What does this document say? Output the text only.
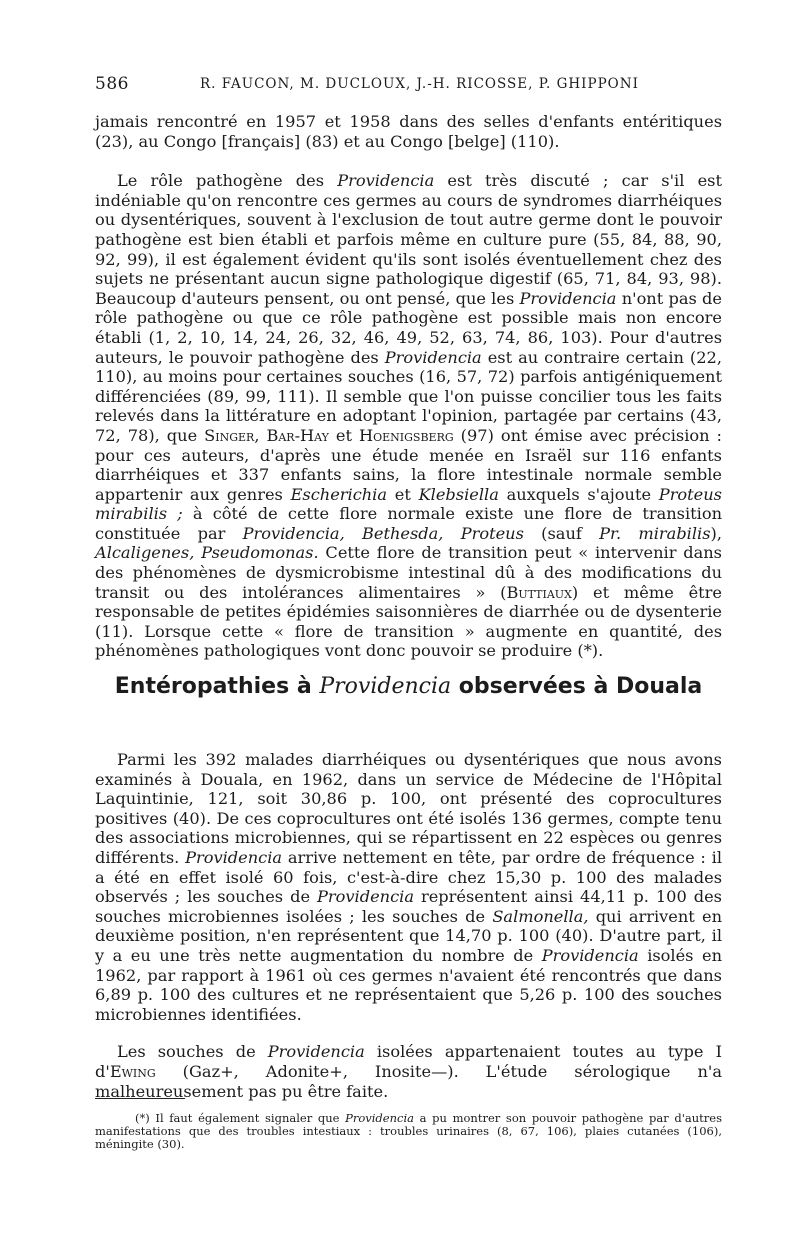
586	R. FAUCON, M. DUCLOUX, J.-H. RICOSSE, P. GHIPPONI

jamais rencontré en 1957 et 1958 dans des selles d'enfants entéritiques (23), au Congo [français] (83) et au Congo [belge] (110).

Le rôle pathogène des Providencia est très discuté ; car s'il est indéniable qu'on rencontre ces germes au cours de syndromes diarrhéiques ou dysentériques, souvent à l'exclusion de tout autre germe dont le pouvoir pathogène est bien établi et parfois même en culture pure (55, 84, 88, 90, 92, 99), il est également évident qu'ils sont isolés éventuellement chez des sujets ne présentant aucun signe pathologique digestif (65, 71, 84, 93, 98). Beaucoup d'auteurs pensent, ou ont pensé, que les Providencia n'ont pas de rôle pathogène ou que ce rôle pathogène est possible mais non encore établi (1, 2, 10, 14, 24, 26, 32, 46, 49, 52, 63, 74, 86, 103). Pour d'autres auteurs, le pouvoir pathogène des Providencia est au contraire certain (22, 110), au moins pour certaines souches (16, 57, 72) parfois antigéniquement différenciées (89, 99, 111). Il semble que l'on puisse concilier tous les faits relevés dans la littérature en adoptant l'opinion, partagée par certains (43, 72, 78), que Singer, Bar-Hay et Hoenigsberg (97) ont émise avec précision : pour ces auteurs, d'après une étude menée en Israël sur 116 enfants diarrhéiques et 337 enfants sains, la flore intestinale normale semble appartenir aux genres Escherichia et Klebsiella auxquels s'ajoute Proteus mirabilis ; à côté de cette flore normale existe une flore de transition constituée par Providencia, Bethesda, Proteus (sauf Pr. mirabilis), Alcaligenes, Pseudomonas. Cette flore de transition peut « intervenir dans des phénomènes de dysmicrobisme intestinal dû à des modifications du transit ou des intolérances alimentaires » (Buttiaux) et même être responsable de petites épidémies saisonnières de diarrhée ou de dysenterie (11). Lorsque cette « flore de transition » augmente en quantité, des phénomènes pathologiques vont donc pouvoir se produire (*).

Entéropathies à Providencia observées à Douala

Parmi les 392 malades diarrhéiques ou dysentériques que nous avons examinés à Douala, en 1962, dans un service de Médecine de l'Hôpital Laquintinie, 121, soit 30,86 p. 100, ont présenté des coprocultures positives (40). De ces coprocultures ont été isolés 136 germes, compte tenu des associations microbiennes, qui se répartissent en 22 espèces ou genres différents. Providencia arrive nettement en tête, par ordre de fréquence : il a été en effet isolé 60 fois, c'est-à-dire chez 15,30 p. 100 des malades observés ; les souches de Providencia représentent ainsi 44,11 p. 100 des souches microbiennes isolées ; les souches de Salmonella, qui arrivent en deuxième position, n'en représentent que 14,70 p. 100 (40). D'autre part, il y a eu une très nette augmentation du nombre de Providencia isolés en 1962, par rapport à 1961 où ces germes n'avaient été rencontrés que dans 6,89 p. 100 des cultures et ne représentaient que 5,26 p. 100 des souches microbiennes identifiées.

Les souches de Providencia isolées appartenaient toutes au type I d'Ewing (Gaz+, Adonite+, Inosite—). L'étude sérologique n'a malheureusement pas pu être faite.

(*) Il faut également signaler que Providencia a pu montrer son pouvoir pathogène par d'autres manifestations que des troubles intestiaux : troubles urinaires (8, 67, 106), plaies cutanées (106), méningite (30).
